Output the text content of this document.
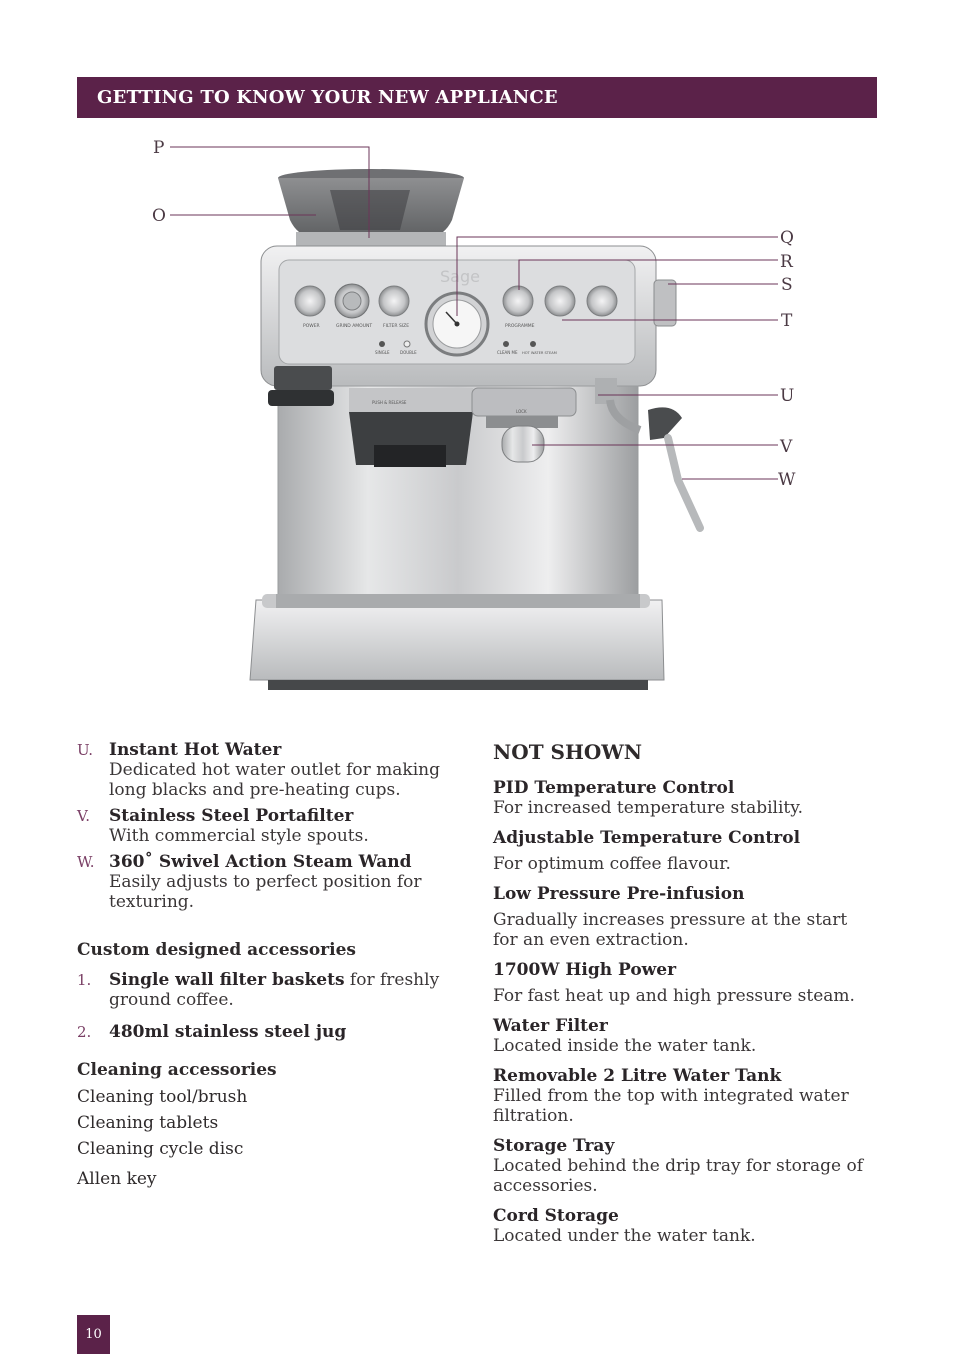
GETTING TO KNOW YOUR NEW APPLIANCE
Sage
POWER	GRIND AMOUNT FILTER SIZE
SINGLE	DOUBLE
PROGRAMME
CLEAN ME HOT WATER STEAM
PUSH & RELEASE
LOCK
P
O
Q
R
S
T
U
V
W
U. Instant Hot Water
Dedicated hot water outlet for making long blacks and pre-heating cups.
V.	Stainless Steel Portafilter
With commercial style spouts.
W. 360˚ Swivel Action Steam Wand
Easily adjusts to perfect position for texturing.
Custom designed accessories
1.	Single wall filter baskets for freshly ground coffee.
2.	480ml stainless steel jug
Cleaning accessories
Cleaning tool/brush
Cleaning tablets
Cleaning cycle disc
Allen key
NOT SHOWN
PID Temperature Control
For increased temperature stability.
Adjustable Temperature Control
For optimum coffee flavour.
Low Pressure Pre-infusion
Gradually increases pressure at the start for an even extraction.
1700W High Power
For fast heat up and high pressure steam.
Water Filter
Located inside the water tank.
Removable 2 Litre Water Tank
Filled from the top with integrated water filtration.
Storage Tray
Located behind the drip tray for storage of accessories.
Cord Storage
Located under the water tank.
10
